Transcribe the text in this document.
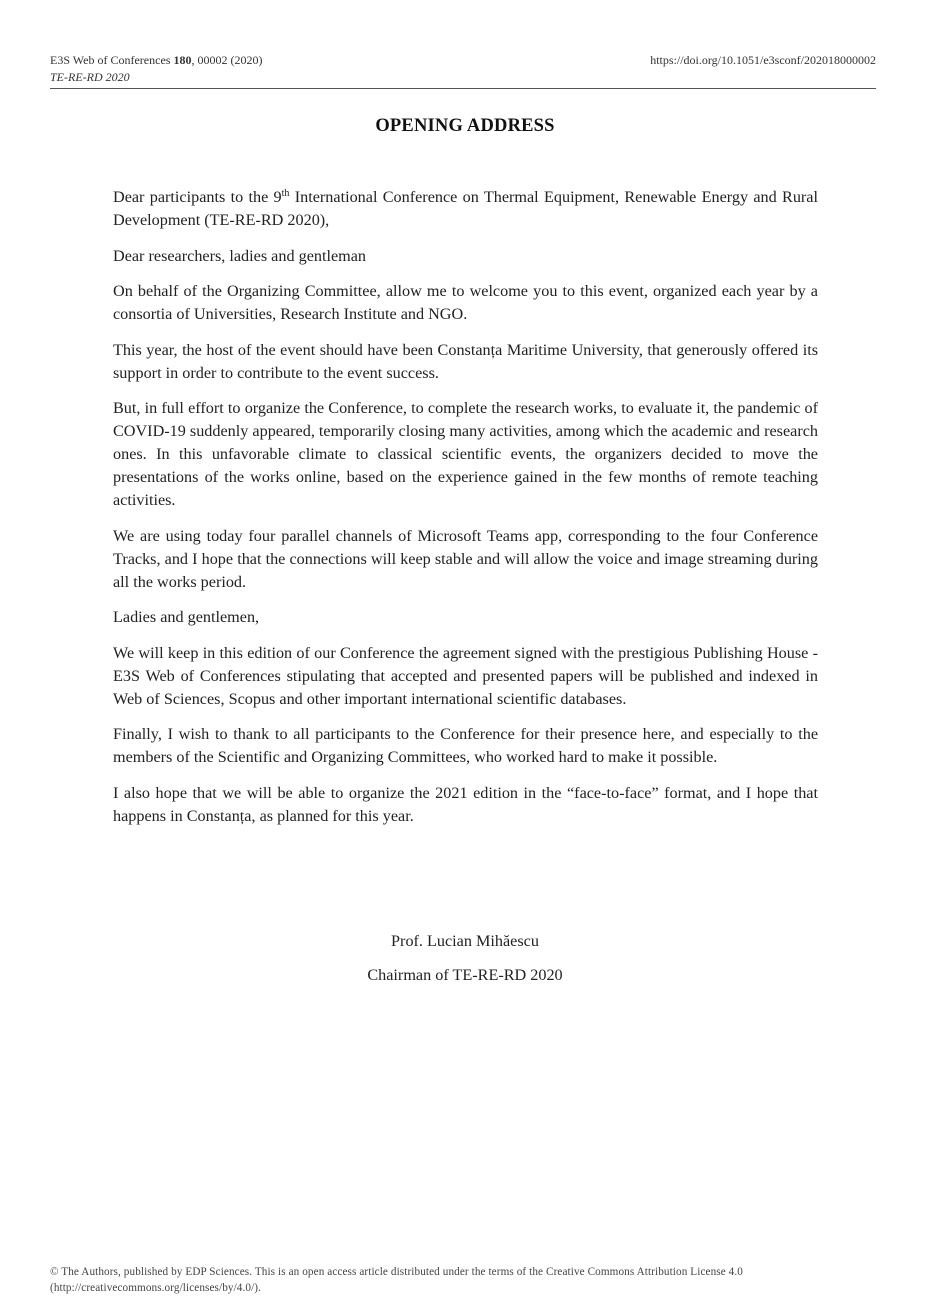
E3S Web of Conferences 180, 00002 (2020)
TE-RE-RD 2020
https://doi.org/10.1051/e3sconf/202018000002
OPENING ADDRESS

Dear participants to the 9th International Conference on Thermal Equipment, Renewable Energy and Rural Development (TE-RE-RD 2020),

Dear researchers, ladies and gentleman

On behalf of the Organizing Committee, allow me to welcome you to this event, organized each year by a consortia of Universities, Research Institute and NGO.

This year, the host of the event should have been Constanța Maritime University, that generously offered its support in order to contribute to the event success.

But, in full effort to organize the Conference, to complete the research works, to evaluate it, the pandemic of COVID-19 suddenly appeared, temporarily closing many activities, among which the academic and research ones. In this unfavorable climate to classical scientific events, the organizers decided to move the presentations of the works online, based on the experience gained in the few months of remote teaching activities.

We are using today four parallel channels of Microsoft Teams app, corresponding to the four Conference Tracks, and I hope that the connections will keep stable and will allow the voice and image streaming during all the works period.

Ladies and gentlemen,

We will keep in this edition of our Conference the agreement signed with the prestigious Publishing House - E3S Web of Conferences stipulating that accepted and presented papers will be published and indexed in Web of Sciences, Scopus and other important international scientific databases.

Finally, I wish to thank to all participants to the Conference for their presence here, and especially to the members of the Scientific and Organizing Committees, who worked hard to make it possible.

I also hope that we will be able to organize the 2021 edition in the “face-to-face” format, and I hope that happens in Constanța, as planned for this year.

Prof. Lucian Mihăescu
Chairman of TE-RE-RD 2020
© The Authors, published by EDP Sciences. This is an open access article distributed under the terms of the Creative Commons Attribution License 4.0
(http://creativecommons.org/licenses/by/4.0/).
